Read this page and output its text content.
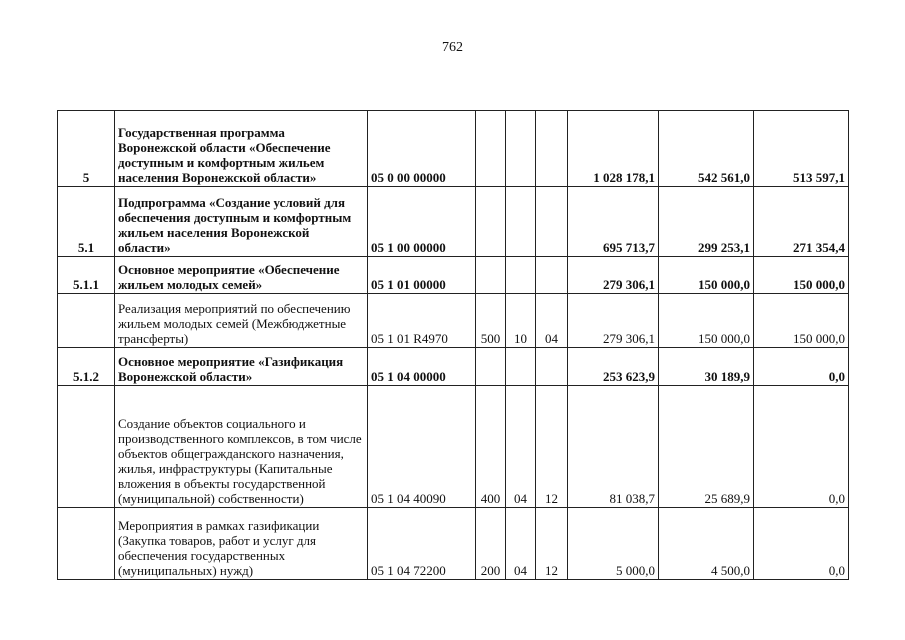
762
5	Государственная программа Воронежской области «Обеспечение доступным и комфортным жильем населения Воронежской области»	05 0 00 00000				1 028 178,1	542 561,0	513 597,1
5.1	Подпрограмма «Создание условий для обеспечения доступным и комфортным жильем населения Воронежской области»	05 1 00 00000				695 713,7	299 253,1	271 354,4
5.1.1	Основное мероприятие «Обеспечение жильем молодых семей»	05 1 01 00000				279 306,1	150 000,0	150 000,0
	Реализация мероприятий по обеспечению жильем молодых семей (Межбюджетные трансферты)	05 1 01 R4970	500	10	04	279 306,1	150 000,0	150 000,0
5.1.2	Основное мероприятие «Газификация Воронежской области»	05 1 04 00000				253 623,9	30 189,9	0,0
	Создание объектов социального и производственного комплексов, в том числе объектов общегражданского назначения, жилья, инфраструктуры (Капитальные вложения в объекты государственной (муниципальной) собственности)	05 1 04 40090	400	04	12	81 038,7	25 689,9	0,0
	Мероприятия в рамках газификации (Закупка товаров, работ и услуг для обеспечения государственных (муниципальных) нужд)	05 1 04 72200	200	04	12	5 000,0	4 500,0	0,0
